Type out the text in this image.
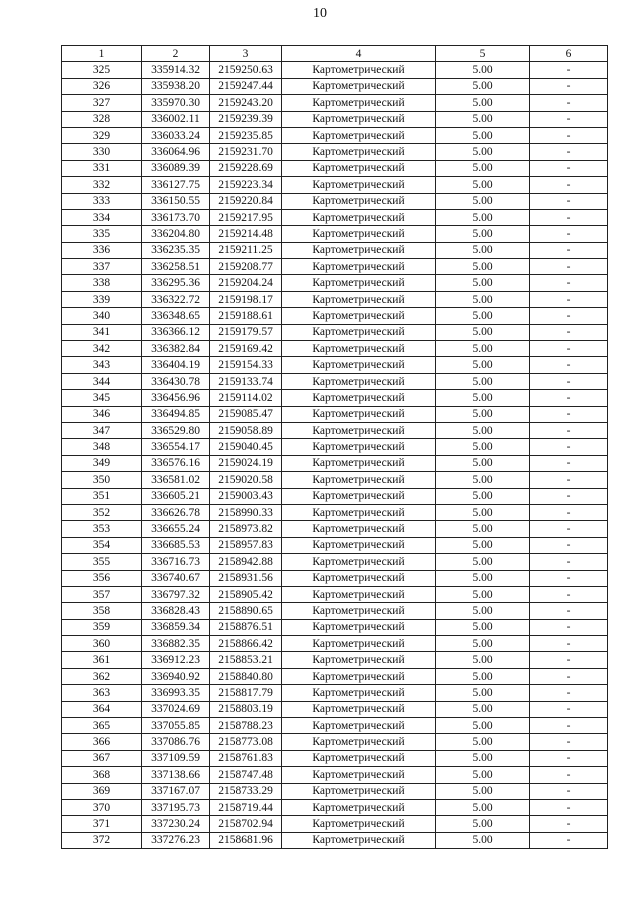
10
1	2	3	4	5	6
325	335914.32	2159250.63	Картометрический	5.00	-
326	335938.20	2159247.44	Картометрический	5.00	-
327	335970.30	2159243.20	Картометрический	5.00	-
328	336002.11	2159239.39	Картометрический	5.00	-
329	336033.24	2159235.85	Картометрический	5.00	-
330	336064.96	2159231.70	Картометрический	5.00	-
331	336089.39	2159228.69	Картометрический	5.00	-
332	336127.75	2159223.34	Картометрический	5.00	-
333	336150.55	2159220.84	Картометрический	5.00	-
334	336173.70	2159217.95	Картометрический	5.00	-
335	336204.80	2159214.48	Картометрический	5.00	-
336	336235.35	2159211.25	Картометрический	5.00	-
337	336258.51	2159208.77	Картометрический	5.00	-
338	336295.36	2159204.24	Картометрический	5.00	-
339	336322.72	2159198.17	Картометрический	5.00	-
340	336348.65	2159188.61	Картометрический	5.00	-
341	336366.12	2159179.57	Картометрический	5.00	-
342	336382.84	2159169.42	Картометрический	5.00	-
343	336404.19	2159154.33	Картометрический	5.00	-
344	336430.78	2159133.74	Картометрический	5.00	-
345	336456.96	2159114.02	Картометрический	5.00	-
346	336494.85	2159085.47	Картометрический	5.00	-
347	336529.80	2159058.89	Картометрический	5.00	-
348	336554.17	2159040.45	Картометрический	5.00	-
349	336576.16	2159024.19	Картометрический	5.00	-
350	336581.02	2159020.58	Картометрический	5.00	-
351	336605.21	2159003.43	Картометрический	5.00	-
352	336626.78	2158990.33	Картометрический	5.00	-
353	336655.24	2158973.82	Картометрический	5.00	-
354	336685.53	2158957.83	Картометрический	5.00	-
355	336716.73	2158942.88	Картометрический	5.00	-
356	336740.67	2158931.56	Картометрический	5.00	-
357	336797.32	2158905.42	Картометрический	5.00	-
358	336828.43	2158890.65	Картометрический	5.00	-
359	336859.34	2158876.51	Картометрический	5.00	-
360	336882.35	2158866.42	Картометрический	5.00	-
361	336912.23	2158853.21	Картометрический	5.00	-
362	336940.92	2158840.80	Картометрический	5.00	-
363	336993.35	2158817.79	Картометрический	5.00	-
364	337024.69	2158803.19	Картометрический	5.00	-
365	337055.85	2158788.23	Картометрический	5.00	-
366	337086.76	2158773.08	Картометрический	5.00	-
367	337109.59	2158761.83	Картометрический	5.00	-
368	337138.66	2158747.48	Картометрический	5.00	-
369	337167.07	2158733.29	Картометрический	5.00	-
370	337195.73	2158719.44	Картометрический	5.00	-
371	337230.24	2158702.94	Картометрический	5.00	-
372	337276.23	2158681.96	Картометрический	5.00	-
